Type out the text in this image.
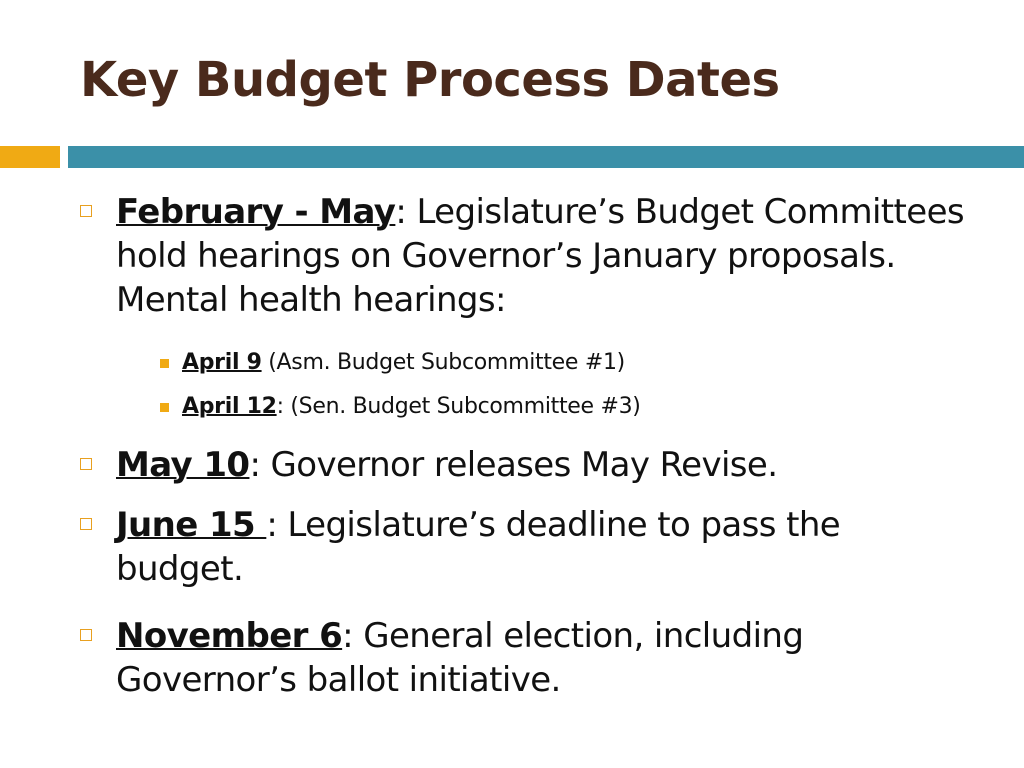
Key Budget Process Dates
February - May: Legislature’s Budget Committees hold hearings on Governor’s January proposals. Mental health hearings:
April 9 (Asm. Budget Subcommittee #1)
April 12: (Sen. Budget Subcommittee #3)
May 10: Governor releases May Revise.
June 15 : Legislature’s deadline to pass the budget.
November 6: General election, including Governor’s ballot initiative.
